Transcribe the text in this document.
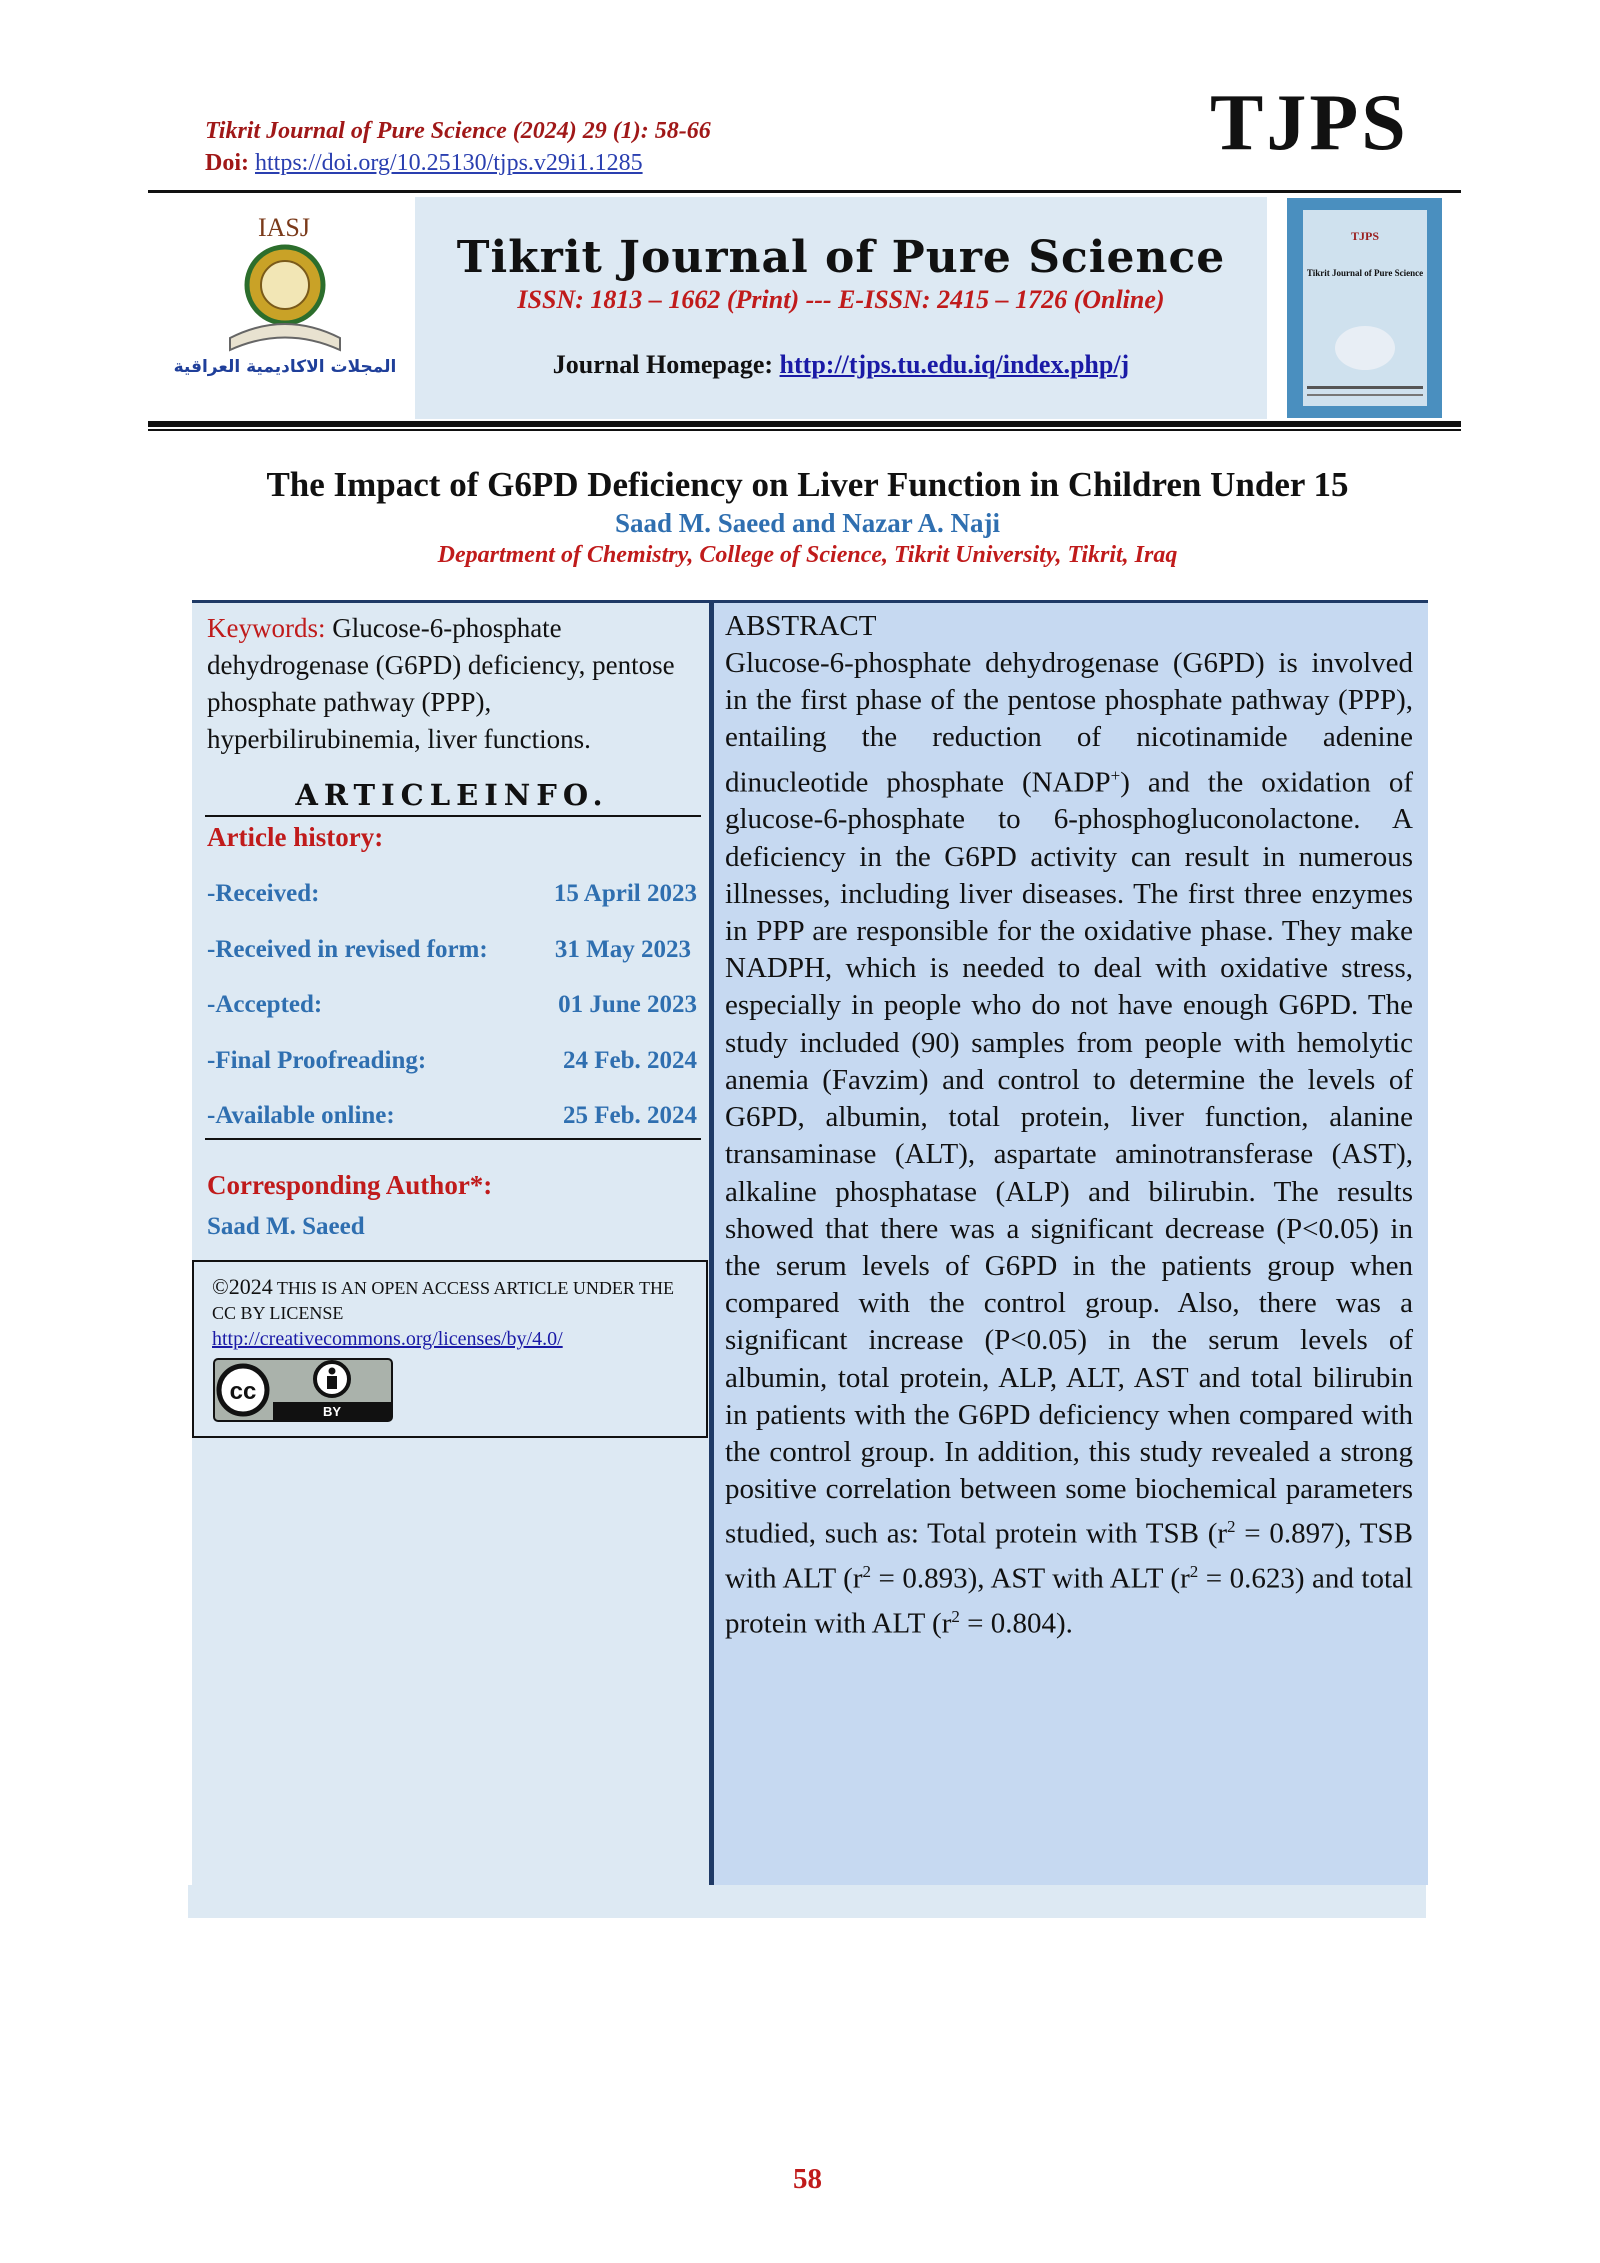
Tikrit Journal of Pure Science (2024) 29 (1): 58-66
Doi: https://doi.org/10.25130/tjps.v29i1.1285	TJPS
IASJ
المجلات الاكاديمية العراقية
Tikrit Journal of Pure Science
ISSN: 1813 – 1662 (Print) --- E-ISSN: 2415 – 1726 (Online)
Journal Homepage: http://tjps.tu.edu.iq/index.php/j
TJPS
Tikrit Journal of Pure Science
The Impact of G6PD Deficiency on Liver Function in Children Under 15
Saad M. Saeed and Nazar A. Naji
Department of Chemistry, College of Science, Tikrit University, Tikrit, Iraq
Keywords: Glucose-6-phosphate dehydrogenase (G6PD) deficiency, pentose phosphate pathway (PPP), hyperbilirubinemia, liver functions.
ARTICLEINFO.
Article history:
-Received:	15 April 2023
-Received in revised form:	31 May 2023
-Accepted:	01 June 2023
-Final Proofreading:	24 Feb. 2024
-Available online:	25 Feb. 2024
Corresponding Author*:
Saad M. Saeed
©2024 THIS IS AN OPEN ACCESS ARTICLE UNDER THE CC BY LICENSE
http://creativecommons.org/licenses/by/4.0/
cc
BY
ABSTRACT
Glucose-6-phosphate dehydrogenase (G6PD) is involved in the first phase of the pentose phosphate pathway (PPP), entailing the reduction of nicotinamide adenine dinucleotide phosphate (NADP+) and the oxidation of glucose-6-phosphate to 6-phosphogluconolactone. A deficiency in the G6PD activity can result in numerous illnesses, including liver diseases. The first three enzymes in PPP are responsible for the oxidative phase. They make NADPH, which is needed to deal with oxidative stress, especially in people who do not have enough G6PD. The study included (90) samples from people with hemolytic anemia (Favzim) and control to determine the levels of G6PD, albumin, total protein, liver function, alanine transaminase (ALT), aspartate aminotransferase (AST), alkaline phosphatase (ALP) and bilirubin. The results showed that there was a significant decrease (P<0.05) in the serum levels of G6PD in the patients group when compared with the control group. Also, there was a significant increase (P<0.05) in the serum levels of albumin, total protein, ALP, ALT, AST and total bilirubin in patients with the G6PD deficiency when compared with the control group. In addition, this study revealed a strong positive correlation between some biochemical parameters studied, such as: Total protein with TSB $(r^2 = 0.897)$, TSB with ALT $(r^2 = 0.893)$, AST with ALT $(r^2 = 0.623)$ and total protein with ALT $(r^2 = 0.804)$.
58
